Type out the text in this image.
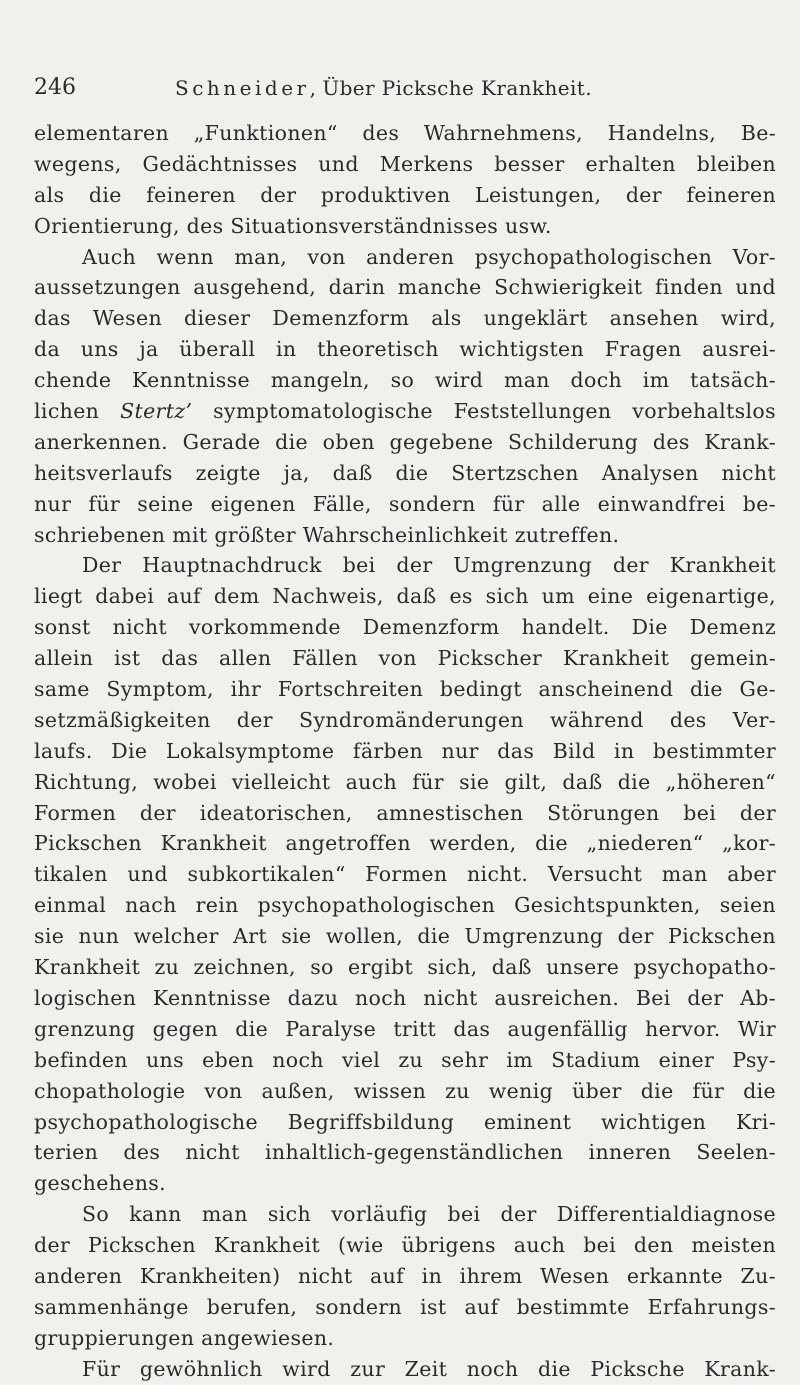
246	Schneider, Über Picksche Krankheit.
elementaren „Funktionen“ des Wahrnehmens, Handelns, Be-
wegens, Gedächtnisses und Merkens besser erhalten bleiben
als die feineren der produktiven Leistungen, der feineren
Orientierung, des Situationsverständnisses usw.
Auch wenn man, von anderen psychopathologischen Vor-
aussetzungen ausgehend, darin manche Schwierigkeit finden und
das Wesen dieser Demenzform als ungeklärt ansehen wird,
da uns ja überall in theoretisch wichtigsten Fragen ausrei-
chende Kenntnisse mangeln, so wird man doch im tatsäch-
lichen Stertz’ symptomatologische Feststellungen vorbehaltslos
anerkennen. Gerade die oben gegebene Schilderung des Krank-
heitsverlaufs zeigte ja, daß die Stertzschen Analysen nicht
nur für seine eigenen Fälle, sondern für alle einwandfrei be-
schriebenen mit größter Wahrscheinlichkeit zutreffen.
Der Hauptnachdruck bei der Umgrenzung der Krankheit
liegt dabei auf dem Nachweis, daß es sich um eine eigenartige,
sonst nicht vorkommende Demenzform handelt. Die Demenz
allein ist das allen Fällen von Pickscher Krankheit gemein-
same Symptom, ihr Fortschreiten bedingt anscheinend die Ge-
setzmäßigkeiten der Syndromänderungen während des Ver-
laufs. Die Lokalsymptome färben nur das Bild in bestimmter
Richtung, wobei vielleicht auch für sie gilt, daß die „höheren“
Formen der ideatorischen, amnestischen Störungen bei der
Pickschen Krankheit angetroffen werden, die „niederen“ „kor-
tikalen und subkortikalen“ Formen nicht. Versucht man aber
einmal nach rein psychopathologischen Gesichtspunkten, seien
sie nun welcher Art sie wollen, die Umgrenzung der Pickschen
Krankheit zu zeichnen, so ergibt sich, daß unsere psychopatho-
logischen Kenntnisse dazu noch nicht ausreichen. Bei der Ab-
grenzung gegen die Paralyse tritt das augenfällig hervor. Wir
befinden uns eben noch viel zu sehr im Stadium einer Psy-
chopathologie von außen, wissen zu wenig über die für die
psychopathologische Begriffsbildung eminent wichtigen Kri-
terien des nicht inhaltlich-gegenständlichen inneren Seelen-
geschehens.
So kann man sich vorläufig bei der Differentialdiagnose
der Pickschen Krankheit (wie übrigens auch bei den meisten
anderen Krankheiten) nicht auf in ihrem Wesen erkannte Zu-
sammenhänge berufen, sondern ist auf bestimmte Erfahrungs-
gruppierungen angewiesen.
Für gewöhnlich wird zur Zeit noch die Picksche Krank-
